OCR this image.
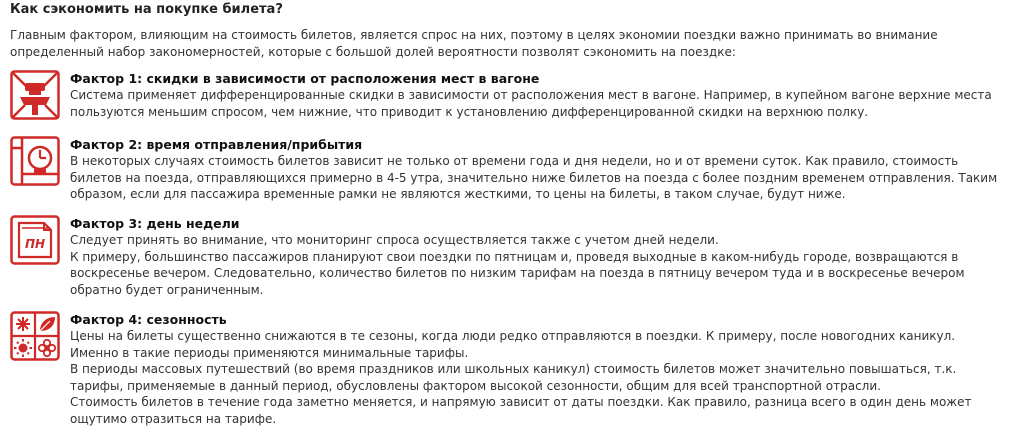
Как сэкономить на покупке билета?

Главным фактором, влияющим на стоимость билетов, является спрос на них, поэтому в целях экономии поездки важно принимать во внимание определенный набор закономерностей, которые с большой долей вероятности позволят сэкономить на поездке:

Фактор 1: скидки в зависимости от расположения мест в вагоне

Система применяет дифференцированные скидки в зависимости от расположения мест в вагоне. Например, в купейном вагоне верхние места пользуются меньшим спросом, чем нижние, что приводит к установлению дифференцированной скидки на верхнюю полку.

Фактор 2: время отправления/прибытия

В некоторых случаях стоимость билетов зависит не только от времени года и дня недели, но и от времени суток. Как правило, стоимость билетов на поезда, отправляющихся примерно в 4-5 утра, значительно ниже билетов на поезда с более поздним временем отправления. Таким образом, если для пассажира временные рамки не являются жесткими, то цены на билеты, в таком случае, будут ниже.

ПН
Фактор 3: день недели

Следует принять во внимание, что мониторинг спроса осуществляется также с учетом дней недели.

К примеру, большинство пассажиров планируют свои поездки по пятницам и, проведя выходные в каком-нибудь городе, возвращаются в воскресенье вечером. Следовательно, количество билетов по низким тарифам на поезда в пятницу вечером туда и в воскресенье вечером обратно будет ограниченным.

Фактор 4: сезонность

Цены на билеты существенно снижаются в те сезоны, когда люди редко отправляются в поездки. К примеру, после новогодних каникул. Именно в такие периоды применяются минимальные тарифы.

В периоды массовых путешествий (во время праздников или школьных каникул) стоимость билетов может значительно повышаться, т.к. тарифы, применяемые в данный период, обусловлены фактором высокой сезонности, общим для всей транспортной отрасли.

Стоимость билетов в течение года заметно меняется, и напрямую зависит от даты поездки. Как правило, разница всего в один день может ощутимо отразиться на тарифе.
